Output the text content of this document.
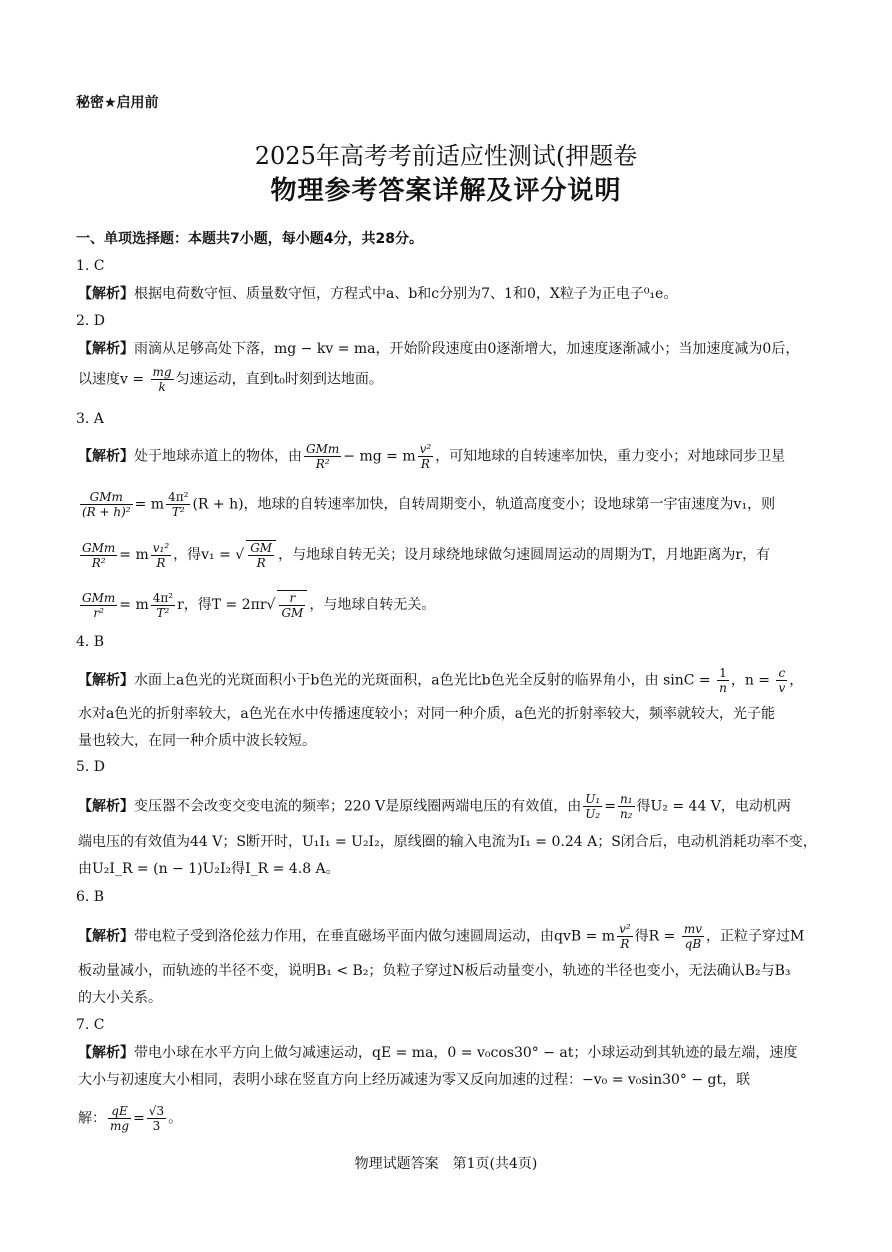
秘密★启用前
2025年高考考前适应性测试(押题卷
物理参考答案详解及评分说明
一、单项选择题：本题共7小题，每小题4分，共28分。
1. C
【解析】根据电荷数守恒、质量数守恒，方程式中a、b和c分别为7、1和0，X粒子为正电子⁰₁e。
2. D
【解析】雨滴从足够高处下落，mg − kv = ma，开始阶段速度由0逐渐增大，加速度逐渐减小；当加速度减为0后，
以速度$v = \frac{mg}{k}$ 匀速运动，直到t₀时刻到达地面。
3. A
【解析】处于地球赤道上的物体，由 $\frac{\text{GMm}}{\text{R²}}$ − mg = m $\frac{\text{v²}}{R}$ ，可知地球的自转速率加快，重力变小；对地球同步卫星
$\frac{\text{GMm}}{\text{(R + h)²}} = m \frac{\text{4π²}}{\text{T²}} (R + h)$，地球的自转速率加快，自转周期变小，轨道高度变小；设地球第一宇宙速度为v₁，则
$\frac{\text{GMm}}{\text{R²}} = m \frac{\text{v₁²}}{R}$ ，得v₁ = √ $\frac{GM}{R}$ ，与地球自转无关；设月球绕地球做匀速圆周运动的周期为T，月地距离为r，有
$\frac{\text{GMm}}{\text{r²}} = m \frac{\text{4π²}}{\text{T²}}$ r，得$T = 2\pi r√ \frac{r}{GM}$ ，与地球自转无关。
4. B
【解析】水面上a色光的光斑面积小于b色光的光斑面积，a色光比b色光全反射的临界角小，由 $\sin C = \frac{1}{n}$ ，$n = \frac{c}{v}$ ，
水对a色光的折射率较大，a色光在水中传播速度较小；对同一种介质，a色光的折射率较大，频率就较大，光子能
量也较大，在同一种介质中波长较短。
5. D
【解析】变压器不会改变交变电流的频率；220 V是原线圈两端电压的有效值，由 $\frac{\text{U₁}}{\text{U₂}} = \frac{\text{n₁}}{\text{n₂}}$ 得U₂ = 44 V，电动机两
端电压的有效值为44 V；S断开时，U₁I₁ = U₂I₂，原线圈的输入电流为I₁ = 0.24 A；S闭合后，电动机消耗功率不变，
由U₂I_R = (n − 1)U₂I₂得I_R = 4.8 A。
6. B
【解析】带电粒子受到洛伦兹力作用，在垂直磁场平面内做匀速圆周运动，由qvB = m $\frac{\text{v²}}{R}$ 得$R = \frac{mv}{qB}$ ，正粒子穿过M
板动量减小，而轨迹的半径不变，说明B₁ < B₂；负粒子穿过N板后动量变小，轨迹的半径也变小，无法确认B₂与B₃
的大小关系。
7. C
【解析】带电小球在水平方向上做匀减速运动，qE = ma，0 = v₀cos30° − at；小球运动到其轨迹的最左端，速度
大小与初速度大小相同，表明小球在竖直方向上经历减速为零又反向加速的过程：−v₀ = v₀sin30° − gt，联
解： $\frac{qE}{mg} = \frac{√3}{3}$ 。
物理试题答案　第1页(共4页)
